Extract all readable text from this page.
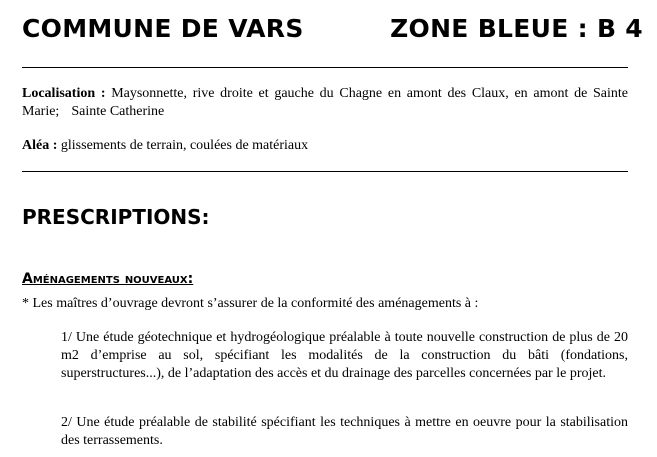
COMMUNE DE VARS	ZONE BLEUE : B 4
Localisation : Maysonnette, rive droite et gauche du Chagne en amont des Claux, en amont de Sainte Marie; Sainte Catherine
Aléa : glissements de terrain, coulées de matériaux
PRESCRIPTIONS:
Aménagements nouveaux:
* Les maîtres d’ouvrage devront s’assurer de la conformité des aménagements à :
1/ Une étude géotechnique et hydrogéologique préalable à toute nouvelle construction de plus de 20 m2 d’emprise au sol, spécifiant les modalités de la construction du bâti (fondations, superstructures...), de l’adaptation des accès et du drainage des parcelles concernées par le projet.
2/ Une étude préalable de stabilité spécifiant les techniques à mettre en oeuvre pour la stabilisation des terrassements.
